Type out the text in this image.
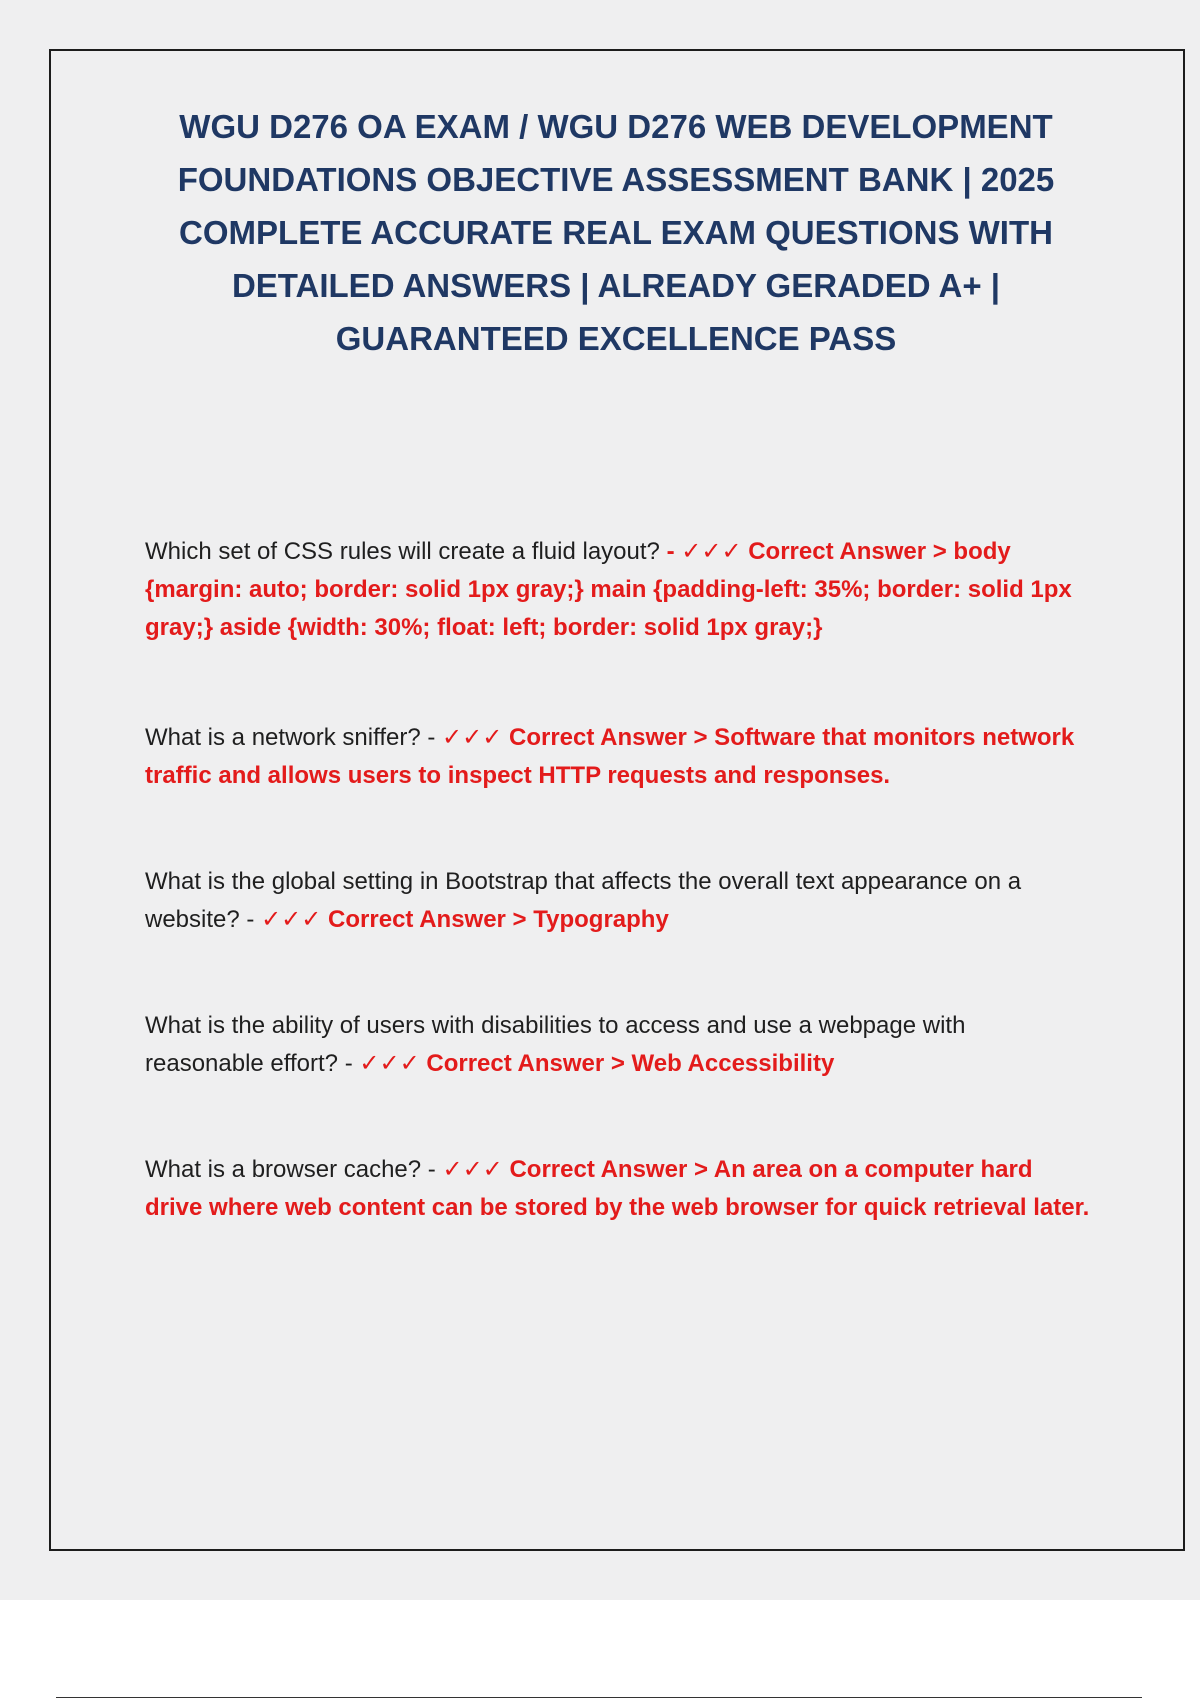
WGU D276 OA EXAM / WGU D276 WEB DEVELOPMENT FOUNDATIONS OBJECTIVE ASSESSMENT BANK | 2025 COMPLETE ACCURATE REAL EXAM QUESTIONS WITH DETAILED ANSWERS | ALREADY GERADED A+ | GUARANTEED EXCELLENCE PASS
Which set of CSS rules will create a fluid layout? - ✓✓✓ Correct Answer > body {margin: auto; border: solid 1px gray;} main {padding-left: 35%; border: solid 1px gray;} aside {width: 30%; float: left; border: solid 1px gray;}
What is a network sniffer? - ✓✓✓ Correct Answer > Software that monitors network traffic and allows users to inspect HTTP requests and responses.
What is the global setting in Bootstrap that affects the overall text appearance on a website? - ✓✓✓ Correct Answer > Typography
What is the ability of users with disabilities to access and use a webpage with reasonable effort? - ✓✓✓ Correct Answer > Web Accessibility
What is a browser cache? - ✓✓✓ Correct Answer > An area on a computer hard drive where web content can be stored by the web browser for quick retrieval later.
